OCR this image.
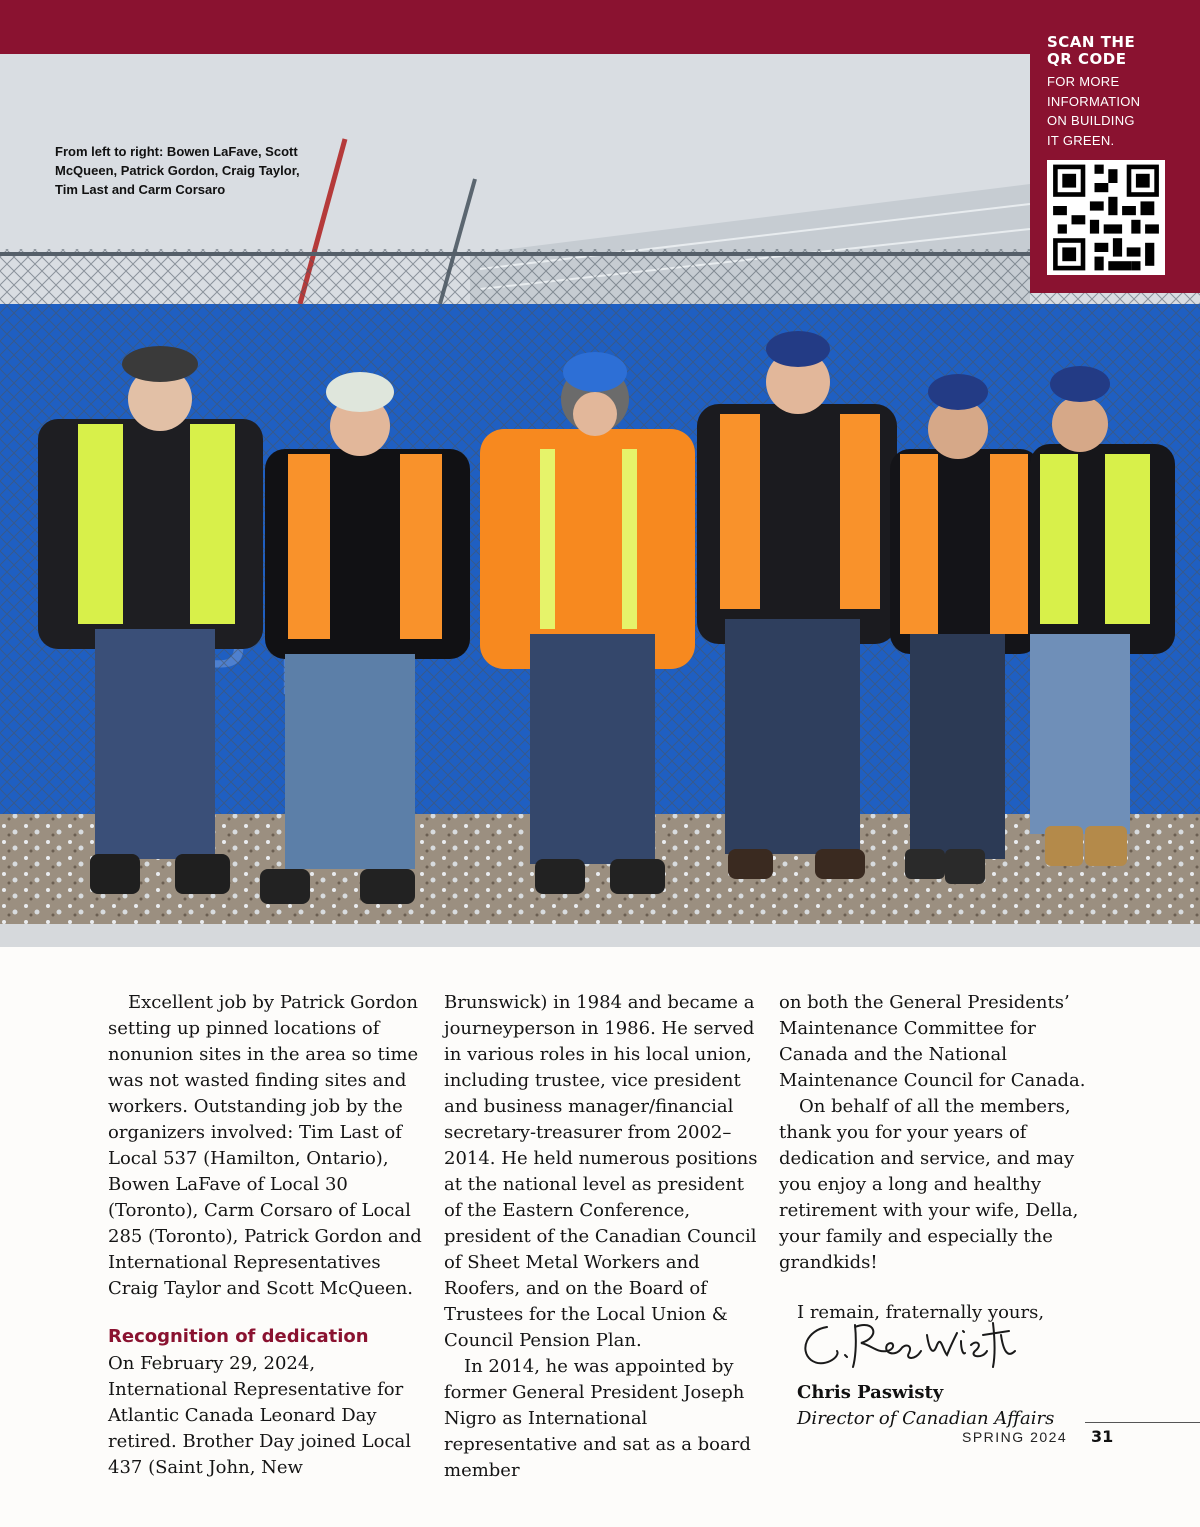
From left to right: Bowen LaFave, Scott McQueen, Patrick Gordon, Craig Taylor, Tim Last and Carm Corsaro
SCAN THE
QR CODE
FOR MORE
INFORMATION
ON BUILDING
IT GREEN.

Excellent job by Patrick Gordon setting up pinned locations of nonunion sites in the area so time was not wasted finding sites and workers. Outstanding job by the organizers involved: Tim Last of Local 537 (Hamilton, Ontario), Bowen LaFave of Local 30 (Toronto), Carm Corsaro of Local 285 (Toronto), Patrick Gordon and International Representatives Craig Taylor and Scott McQueen.

Recognition of dedication

On February 29, 2024, International Representative for Atlantic Canada Leonard Day retired. Brother Day joined Local 437 (Saint John, New

Brunswick) in 1984 and became a journeyperson in 1986. He served in various roles in his local union, including trustee, vice president and business manager/financial secretary-treasurer from 2002–2014. He held numerous positions at the national level as president of the Eastern Conference, president of the Canadian Council of Sheet Metal Workers and Roofers, and on the Board of Trustees for the Local Union & Council Pension Plan.

In 2014, he was appointed by former General President Joseph Nigro as International representative and sat as a board member

on both the General Presidents’ Maintenance Committee for Canada and the National Maintenance Council for Canada.

On behalf of all the members, thank you for your years of dedication and service, and may you enjoy a long and healthy retirement with your wife, Della, your family and especially the grandkids!

I remain, fraternally yours,

Chris Paswisty
Director of Canadian Affairs
SPRING 2024 31
